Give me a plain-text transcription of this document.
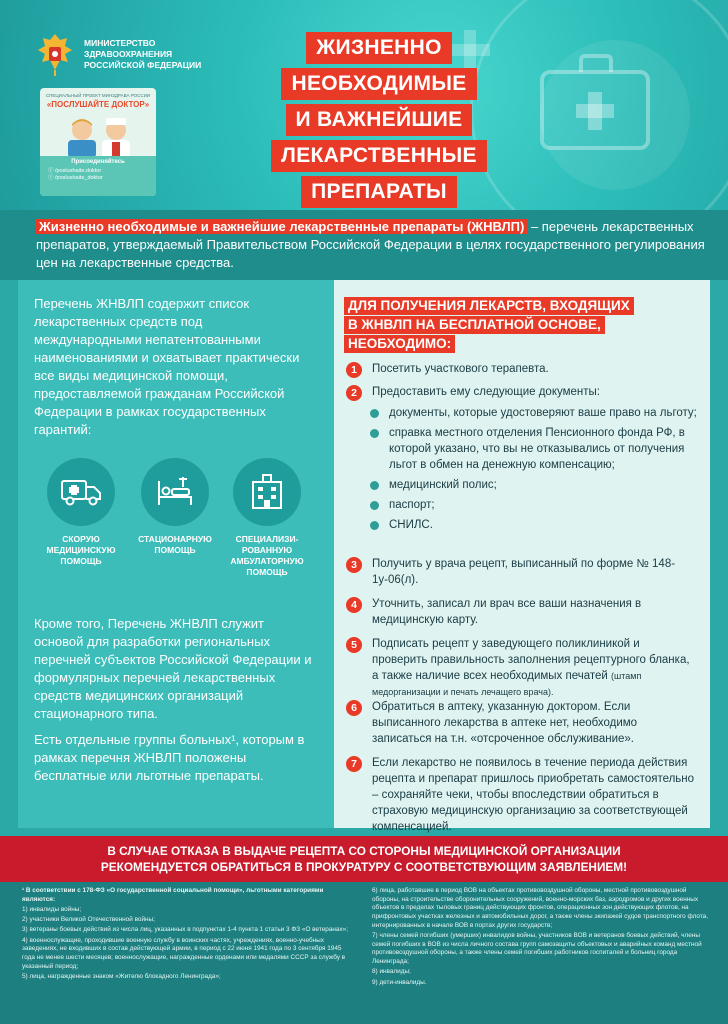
МИНИСТЕРСТВО
ЗДРАВООХРАНЕНИЯ
РОССИЙСКОЙ ФЕДЕРАЦИИ
СПЕЦИАЛЬНЫЙ ПРОЕКТ МИНЗДРАВА РОССИИ
«ПОСЛУШАЙТЕ ДОКТОР»
Присоединяйтесь
ⓕ /poslushaite.doktor
ⓥ /poslushaite_doktor
ЖИЗНЕННО
НЕОБХОДИМЫЕ
И ВАЖНЕЙШИЕ
ЛЕКАРСТВЕННЫЕ
ПРЕПАРАТЫ

Жизненно необходимые и важнейшие лекарственные препараты (ЖНВЛП) – перечень лекарственных препаратов, утверждаемый Правительством Российской Федерации в целях государственного регулирования цен на лекарственные средства.

Перечень ЖНВЛП содержит список лекарственных средств под международными непатентованными наименованиями и охватывает практически все виды медицинской помощи, предоставляемой гражданам Российской Федерации в рамках государственных гарантий:

СКОРУЮ МЕДИЦИНСКУЮ ПОМОЩЬ
СТАЦИОНАРНУЮ ПОМОЩЬ
СПЕЦИАЛИЗИ-РОВАННУЮ АМБУЛАТОРНУЮ ПОМОЩЬ

Кроме того, Перечень ЖНВЛП служит основой для разработки региональных перечней субъектов Российской Федерации и формулярных перечней лекарственных средств медицинских организаций стационарного типа.

Есть отдельные группы больных¹, которым в рамках перечня ЖНВЛП положены бесплатные или льготные препараты.

ДЛЯ ПОЛУЧЕНИЯ ЛЕКАРСТВ, ВХОДЯЩИХ
В ЖНВЛП НА БЕСПЛАТНОЙ ОСНОВЕ,
НЕОБХОДИМО:
1	Посетить участкового терапевта.
2	Предоставить ему следующие документы:
документы, которые удостоверяют ваше право на льготу;
справка местного отделения Пенсионного фонда РФ, в которой указано, что вы не отказывались от получения льгот в обмен на денежную компенсацию;
медицинский полис;
паспорт;
СНИЛС.
3	Получить у врача рецепт, выписанный по форме № 148-1у-06(л).
4	Уточнить, записал ли врач все ваши назначения в медицинскую карту.
5	Подписать рецепт у заведующего поликлиникой и проверить правильность заполнения рецептурного бланка, а также наличие всех необходимых печатей (штамп медорганизации и печать лечащего врача).
6	Обратиться в аптеку, указанную доктором. Если выписанного лекарства в аптеке нет, необходимо записаться на т.н. «отсроченное обслуживание».
7	Если лекарство не появилось в течение периода действия рецепта и препарат пришлось приобретать самостоятельно – сохраняйте чеки, чтобы впоследствии обратиться в страховую медицинскую организацию за соответствующей компенсацией.
В СЛУЧАЕ ОТКАЗА В ВЫДАЧЕ РЕЦЕПТА СО СТОРОНЫ МЕДИЦИНСКОЙ ОРГАНИЗАЦИИ
РЕКОМЕНДУЕТСЯ ОБРАТИТЬСЯ В ПРОКУРАТУРУ С СООТВЕТСТВУЮЩИМ ЗАЯВЛЕНИЕМ!

¹ В соответствии с 178-ФЗ «О государственной социальной помощи», льготными категориями являются:

1) инвалиды войны;

2) участники Великой Отечественной войны;

3) ветераны боевых действий из числа лиц, указанных в подпунктах 1-4 пункта 1 статьи 3 ФЗ «О ветеранах»;

4) военнослужащие, проходившие военную службу в воинских частях, учреждениях, военно-учебных заведениях, не входивших в состав действующей армии, в период с 22 июня 1941 года по 3 сентября 1945 года не менее шести месяцев; военнослужащие, награжденные орденами или медалями СССР за службу в указанный период;

5) лица, награжденные знаком «Жителю блокадного Ленинграда»;

6) лица, работавшие в период ВОВ на объектах противовоздушной обороны, местной противовоздушной обороны, на строительстве оборонительных сооружений, военно-морских баз, аэродромов и других военных объектов в пределах тыловых границ действующих фронтов, операционных зон действующих флотов, на прифронтовых участках железных и автомобильных дорог, а также члены экипажей судов транспортного флота, интернированных в начале ВОВ в портах других государств;

7) члены семей погибших (умерших) инвалидов войны, участников ВОВ и ветеранов боевых действий, члены семей погибших в ВОВ из числа личного состава групп самозащиты объектовых и аварийных команд местной противовоздушной обороны, а также члены семей погибших работников госпиталей и больниц города Ленинграда;

8) инвалиды;

9) дети-инвалиды.
